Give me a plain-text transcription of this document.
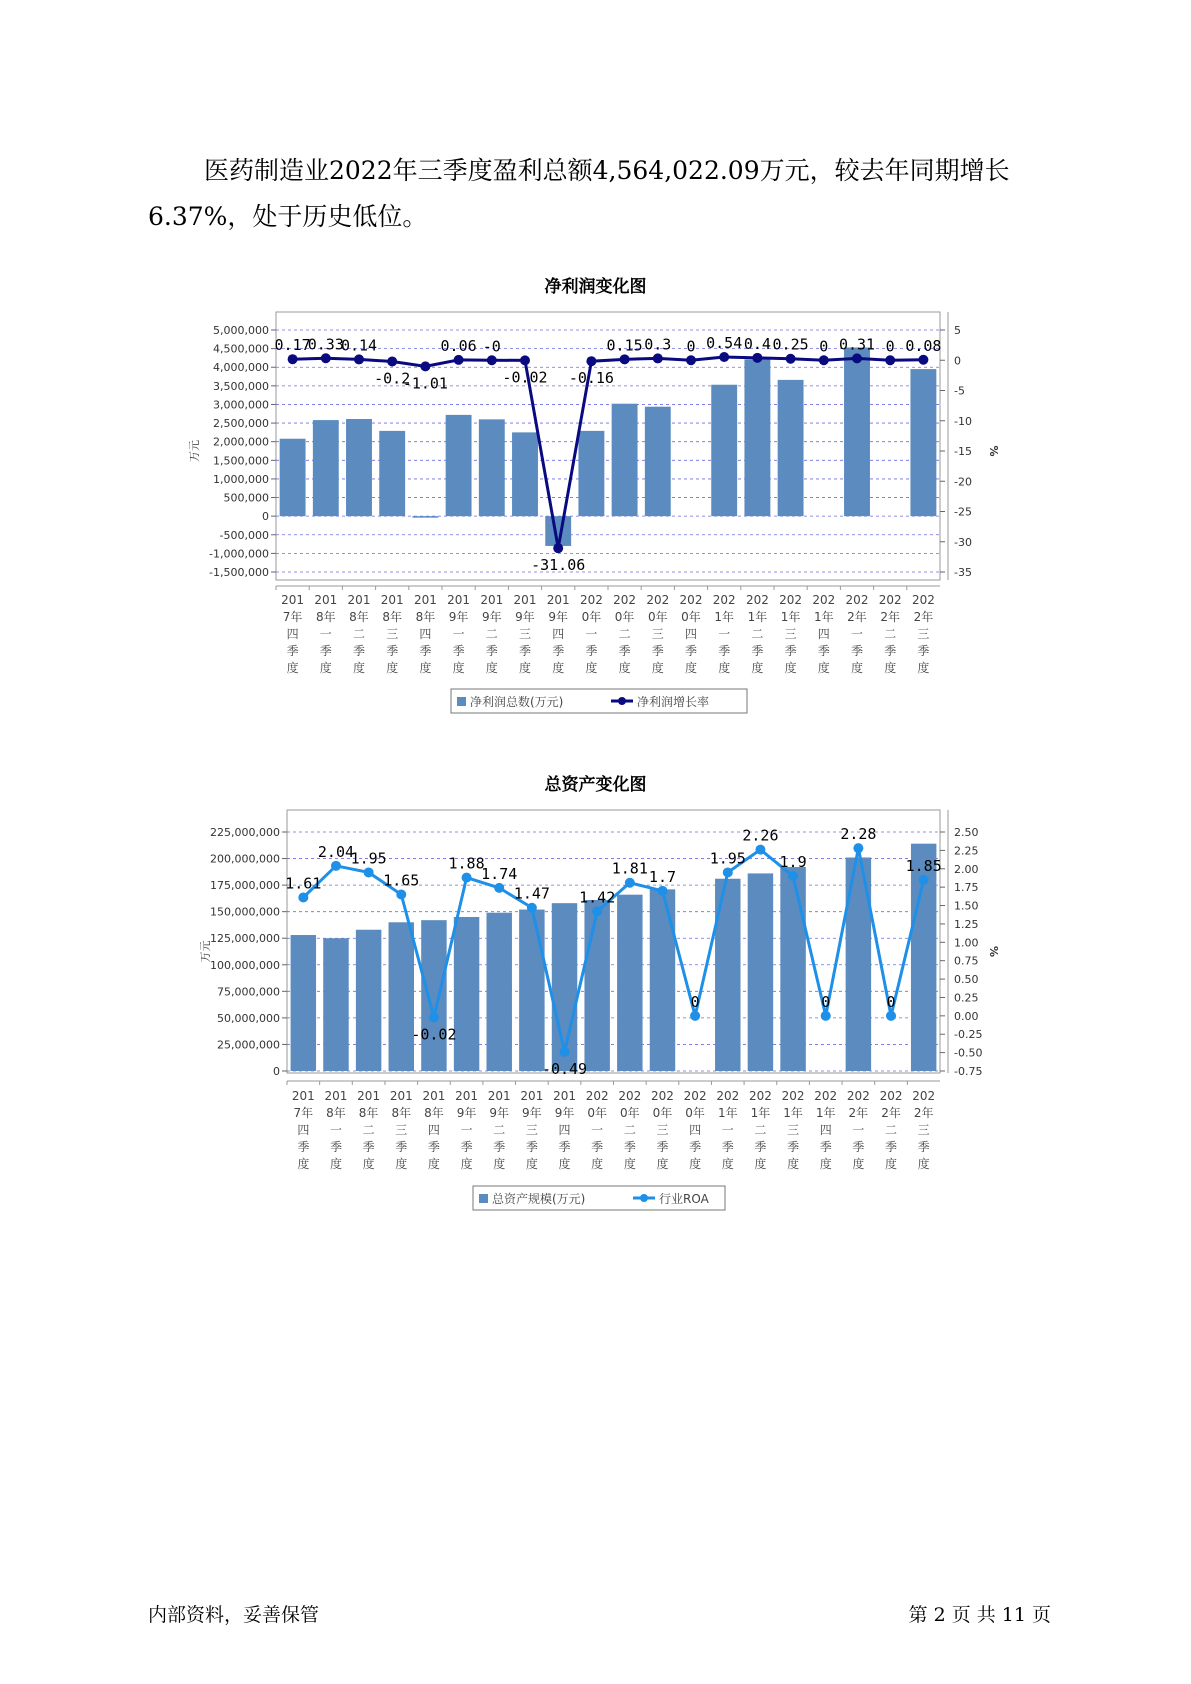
医药制造业2022年三季度盈利总额4,564,022.09万元，较去年同期增长6.37%，处于历史低位。

净利润变化图
5,000,000
4,500,000
4,000,000
3,500,000
3,000,000
2,500,000
2,000,000
1,500,000
1,000,000
500,000
0
-500,000
-1,000,000
-1,500,000
5
0
-5
-10
-15
-20
-25
-30
-35
万元	%
201 7年四季度
201 8年一季度
201 8年二季度
201 8年三季度
201 8年四季度
201 9年一季度
201 9年二季度
201 9年三季度
201 9年四季度
202 0年一季度
202 0年二季度
202 0年三季度
202 0年四季度
202 1年一季度
202 1年二季度
202 1年三季度
202 1年四季度
202 2年一季度
202 2年二季度
202 2年三季度
0.17
0.33
0.14
-0.2
-1.01
0.06 -0
-0.02
-31.06
-0.16
0.15 0.3 0 0.54 0.4 0.25 0 0.31 0 0.08
净利润总数(万元)	净利润增长率
总资产变化图
225,000,000
200,000,000
175,000,000
150,000,000
125,000,000
100,000,000
75,000,000
50,000,000
25,000,000
0
2.50
2.25
2.00
1.75
1.50
1.25
1.00
0.75
0.50
0.25
0.00
-0.25
-0.50
-0.75
万元	%
201 7年四季度
201 8年一季度
201 8年二季度
201 8年三季度
201 8年四季度
201 9年一季度
201 9年二季度
201 9年三季度
201 9年四季度
202 0年一季度
202 0年二季度
202 0年三季度
202 0年四季度
202 1年一季度
202 1年二季度
202 1年三季度
202 1年四季度
202 2年一季度
202 2年二季度
202 2年三季度
1.61
2.04
1.95
1.65
-0.02
1.88
1.74
1.47
-0.49
1.42
1.81 1.7
0
1.95
2.26
1.9
0
2.28
0
1.85
总资产规模(万元)	行业ROA
内部资料，妥善保管	第 2 页 共 11 页
